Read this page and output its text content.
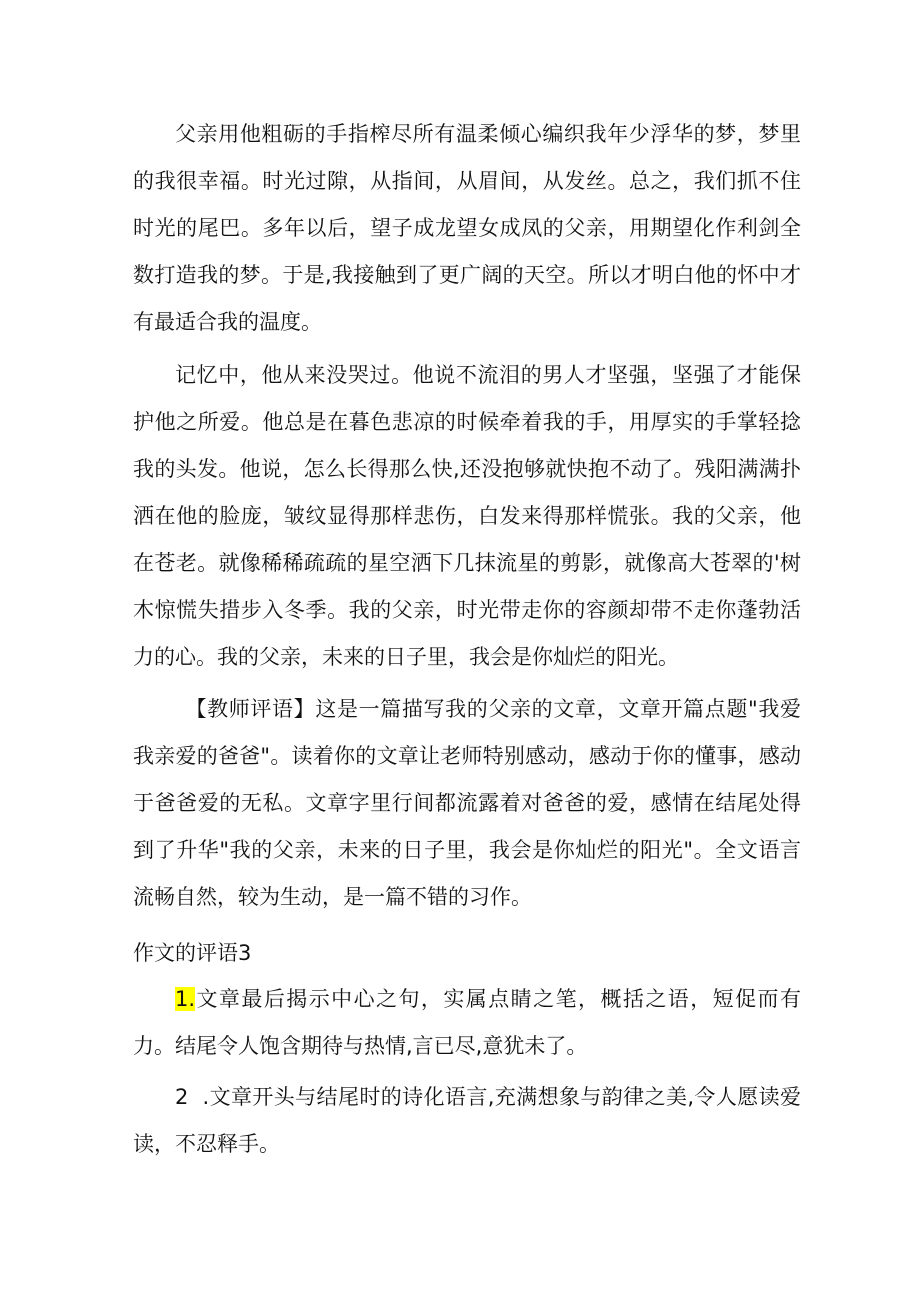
父亲用他粗砺的手指榨尽所有温柔倾心编织我年少浮华的梦，梦里的我很幸福。时光过隙，从指间，从眉间，从发丝。总之，我们抓不住时光的尾巴。多年以后，望子成龙望女成凤的父亲，用期望化作利剑全数打造我的梦。于是,我接触到了更广阔的天空。所以才明白他的怀中才有最适合我的温度。

记忆中，他从来没哭过。他说不流泪的男人才坚强，坚强了才能保护他之所爱。他总是在暮色悲凉的时候牵着我的手，用厚实的手掌轻捻我的头发。他说，怎么长得那么快,还没抱够就快抱不动了。残阳满满扑洒在他的脸庞，皱纹显得那样悲伤，白发来得那样慌张。我的父亲，他在苍老。就像稀稀疏疏的星空洒下几抹流星的剪影，就像高大苍翠的'树木惊慌失措步入冬季。我的父亲，时光带走你的容颜却带不走你蓬勃活力的心。我的父亲，未来的日子里，我会是你灿烂的阳光。

【教师评语】这是一篇描写我的父亲的文章，文章开篇点题"我爱我亲爱的爸爸"。读着你的文章让老师特别感动，感动于你的懂事，感动于爸爸爱的无私。文章字里行间都流露着对爸爸的爱，感情在结尾处得到了升华"我的父亲，未来的日子里，我会是你灿烂的阳光"。全文语言流畅自然，较为生动，是一篇不错的习作。

作文的评语3

1.文章最后揭示中心之句，实属点睛之笔，概括之语，短促而有力。结尾令人饱含期待与热情,言已尽,意犹未了。

2  .文章开头与结尾时的诗化语言,充满想象与韵律之美,令人愿读爱读，不忍释手。
